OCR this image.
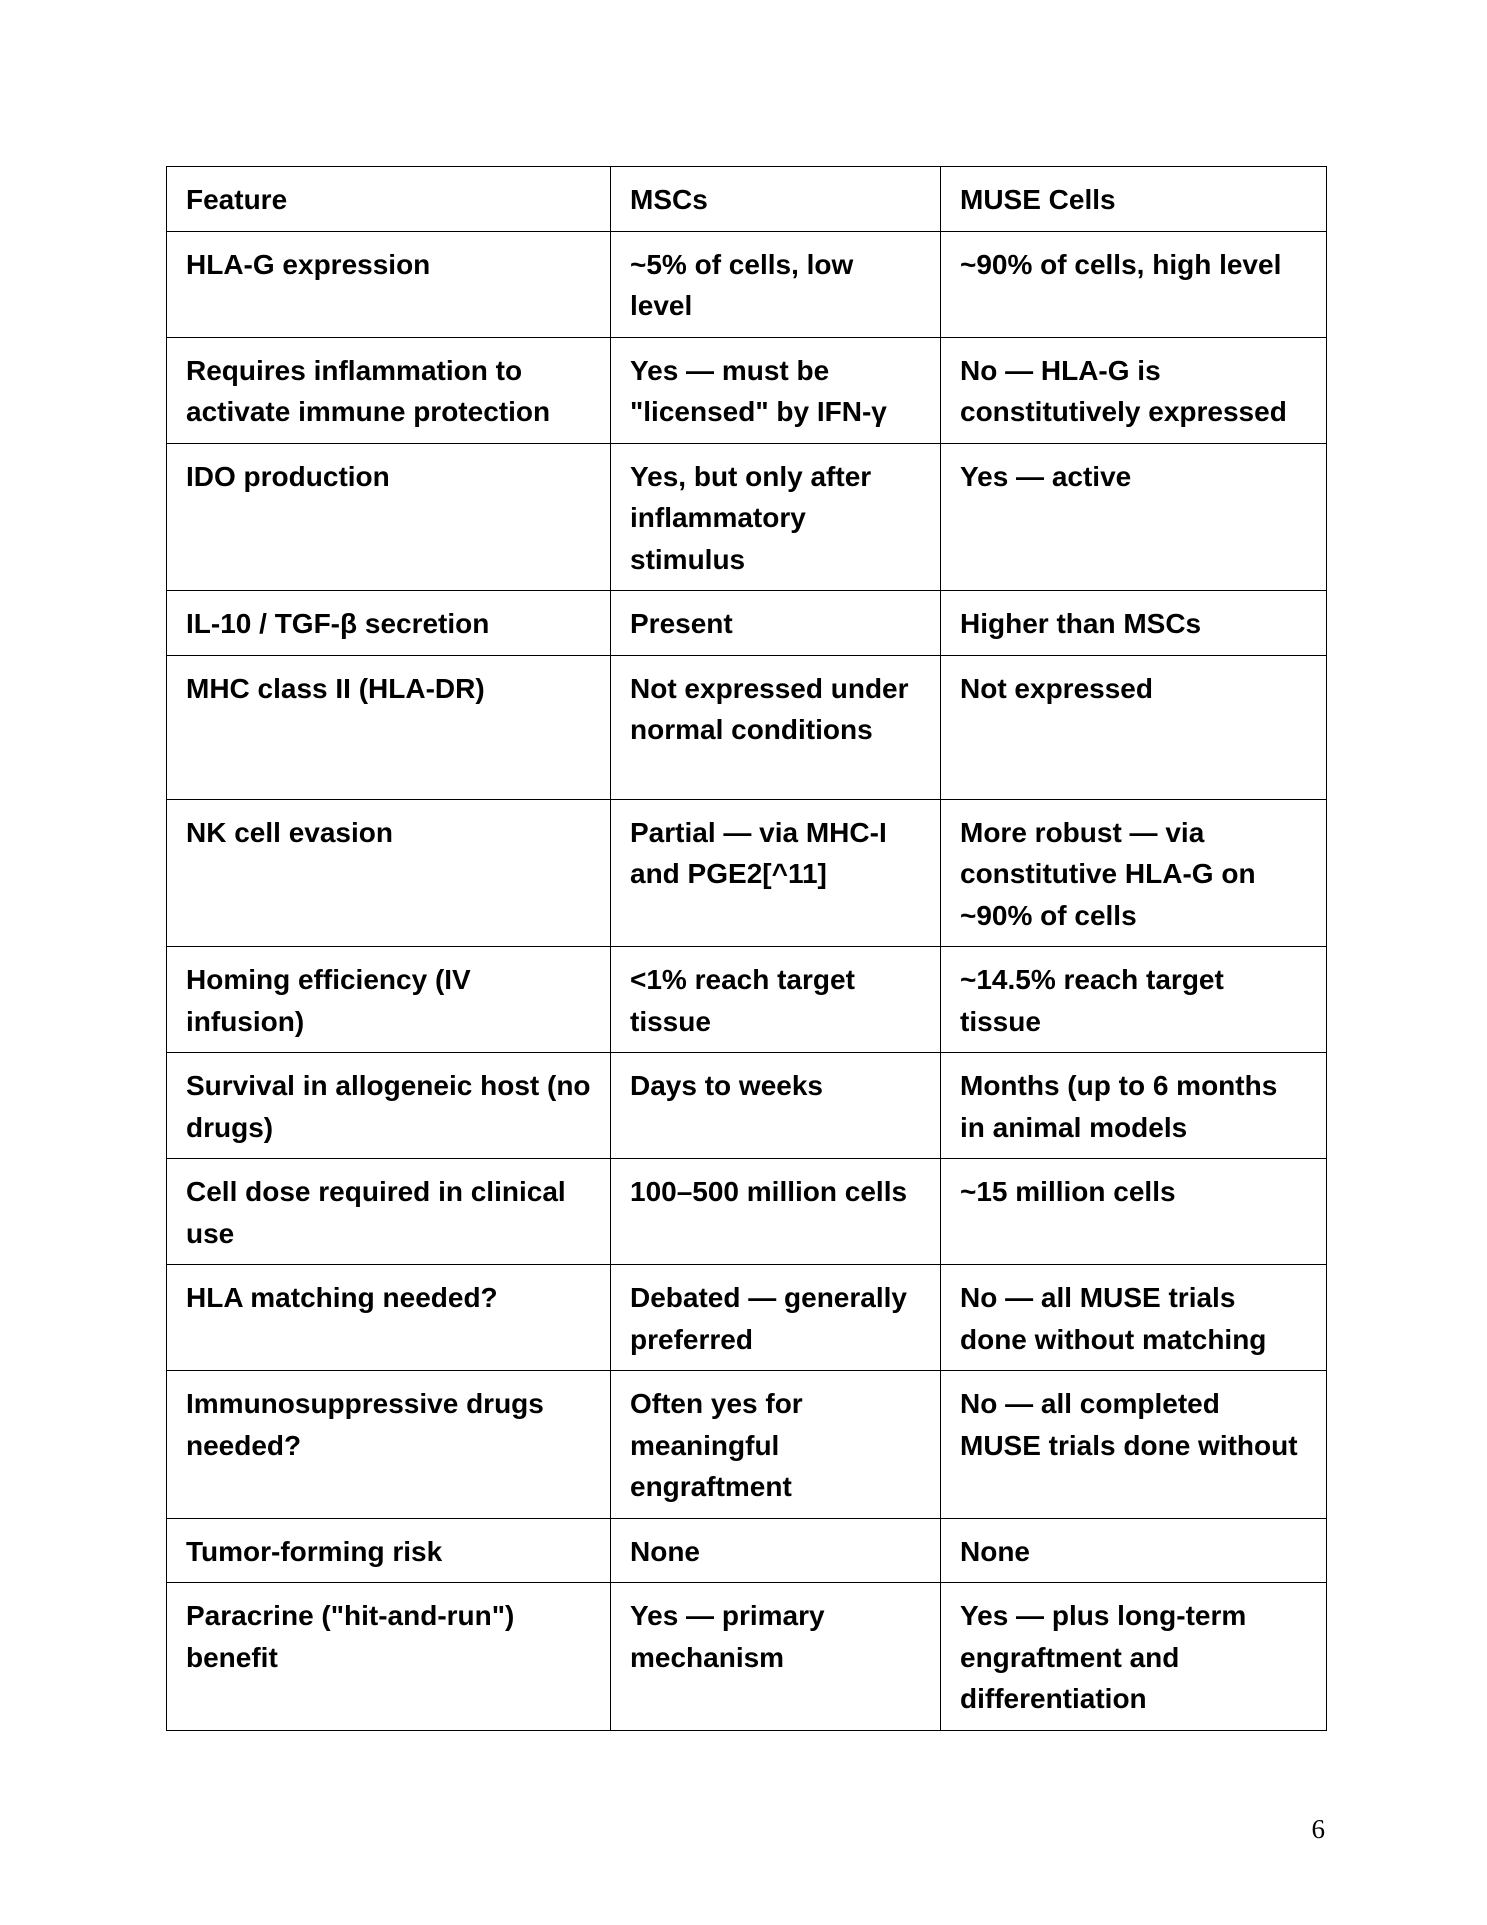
Feature	MSCs	MUSE Cells
HLA-G expression	~5% of cells, low level	~90% of cells, high level
Requires inflammation to activate immune protection	Yes — must be "licensed" by IFN-γ	No — HLA-G is constitutively expressed
IDO production	Yes, but only after inflammatory stimulus	Yes — active
IL-10 / TGF-β secretion	Present	Higher than MSCs
MHC class II (HLA-DR)	Not expressed under normal conditions	Not expressed
NK cell evasion	Partial — via MHC-I and PGE2[^11]	More robust — via constitutive HLA-G on ~90% of cells
Homing efficiency (IV infusion)	<1% reach target tissue	~14.5% reach target tissue
Survival in allogeneic host (no drugs)	Days to weeks	Months (up to 6 months in animal models
Cell dose required in clinical use	100–500 million cells	~15 million cells
HLA matching needed?	Debated — generally preferred	No — all MUSE trials done without matching
Immunosuppressive drugs needed?	Often yes for meaningful engraftment	No — all completed MUSE trials done without
Tumor-forming risk	None	None
Paracrine ("hit-and-run") benefit	Yes — primary mechanism	Yes — plus long-term engraftment and differentiation
6
